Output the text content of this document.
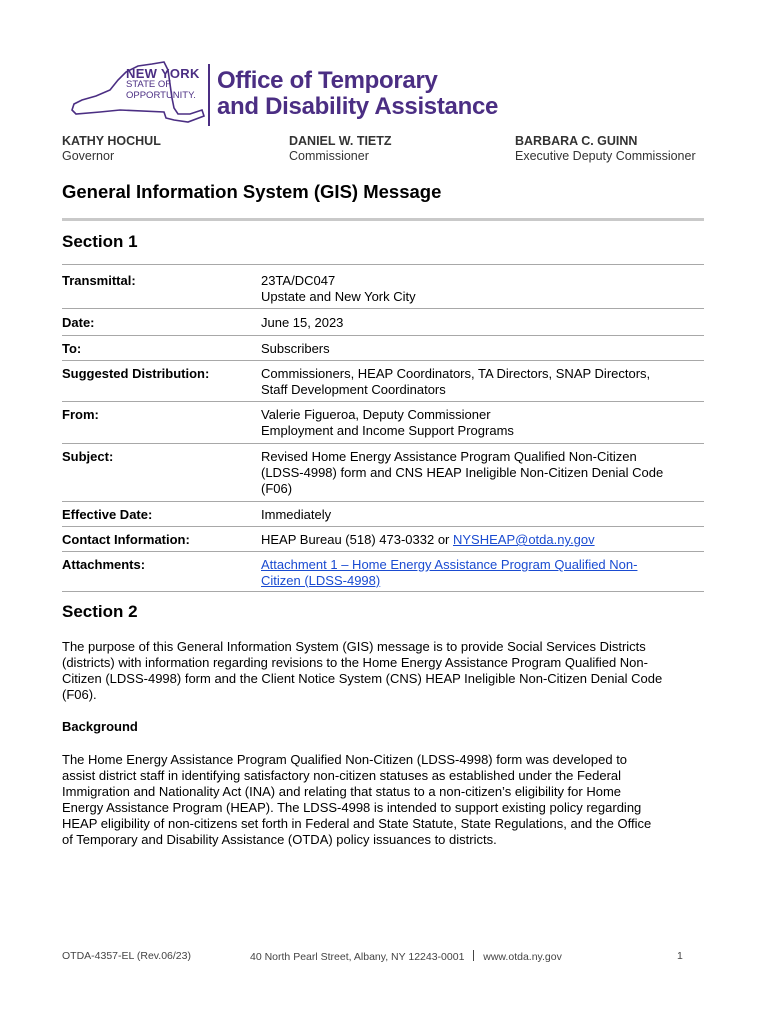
NEW YORK
STATE OF
OPPORTUNITY.
Office of Temporary
and Disability Assistance
KATHY HOCHUL
Governor
DANIEL W. TIETZ
Commissioner
BARBARA C. GUINN
Executive Deputy Commissioner
General Information System (GIS) Message
Section 1
Transmittal:	23TA/DC047
Upstate and New York City
Date:	June 15, 2023
To:	Subscribers
Suggested Distribution:	Commissioners, HEAP Coordinators, TA Directors, SNAP Directors,
Staff Development Coordinators
From:	Valerie Figueroa, Deputy Commissioner
Employment and Income Support Programs
Subject:	Revised Home Energy Assistance Program Qualified Non-Citizen
(LDSS-4998) form and CNS HEAP Ineligible Non-Citizen Denial Code
(F06)
Effective Date:	Immediately
Contact Information:	HEAP Bureau (518) 473-0332 or NYSHEAP@otda.ny.gov
Attachments:	Attachment 1 – Home Energy Assistance Program Qualified Non-
Citizen (LDSS-4998)
Section 2
The purpose of this General Information System (GIS) message is to provide Social Services Districts
(districts) with information regarding revisions to the Home Energy Assistance Program Qualified Non-
Citizen (LDSS-4998) form and the Client Notice System (CNS) HEAP Ineligible Non-Citizen Denial Code
(F06).
Background
The Home Energy Assistance Program Qualified Non-Citizen (LDSS-4998) form was developed to
assist district staff in identifying satisfactory non-citizen statuses as established under the Federal
Immigration and Nationality Act (INA) and relating that status to a non-citizen’s eligibility for Home
Energy Assistance Program (HEAP). The LDSS-4998 is intended to support existing policy regarding
HEAP eligibility of non-citizens set forth in Federal and State Statute, State Regulations, and the Office
of Temporary and Disability Assistance (OTDA) policy issuances to districts.
OTDA-4357-EL (Rev.06/23)	40 North Pearl Street, Albany, NY 12243-0001 www.otda.ny.gov	1
